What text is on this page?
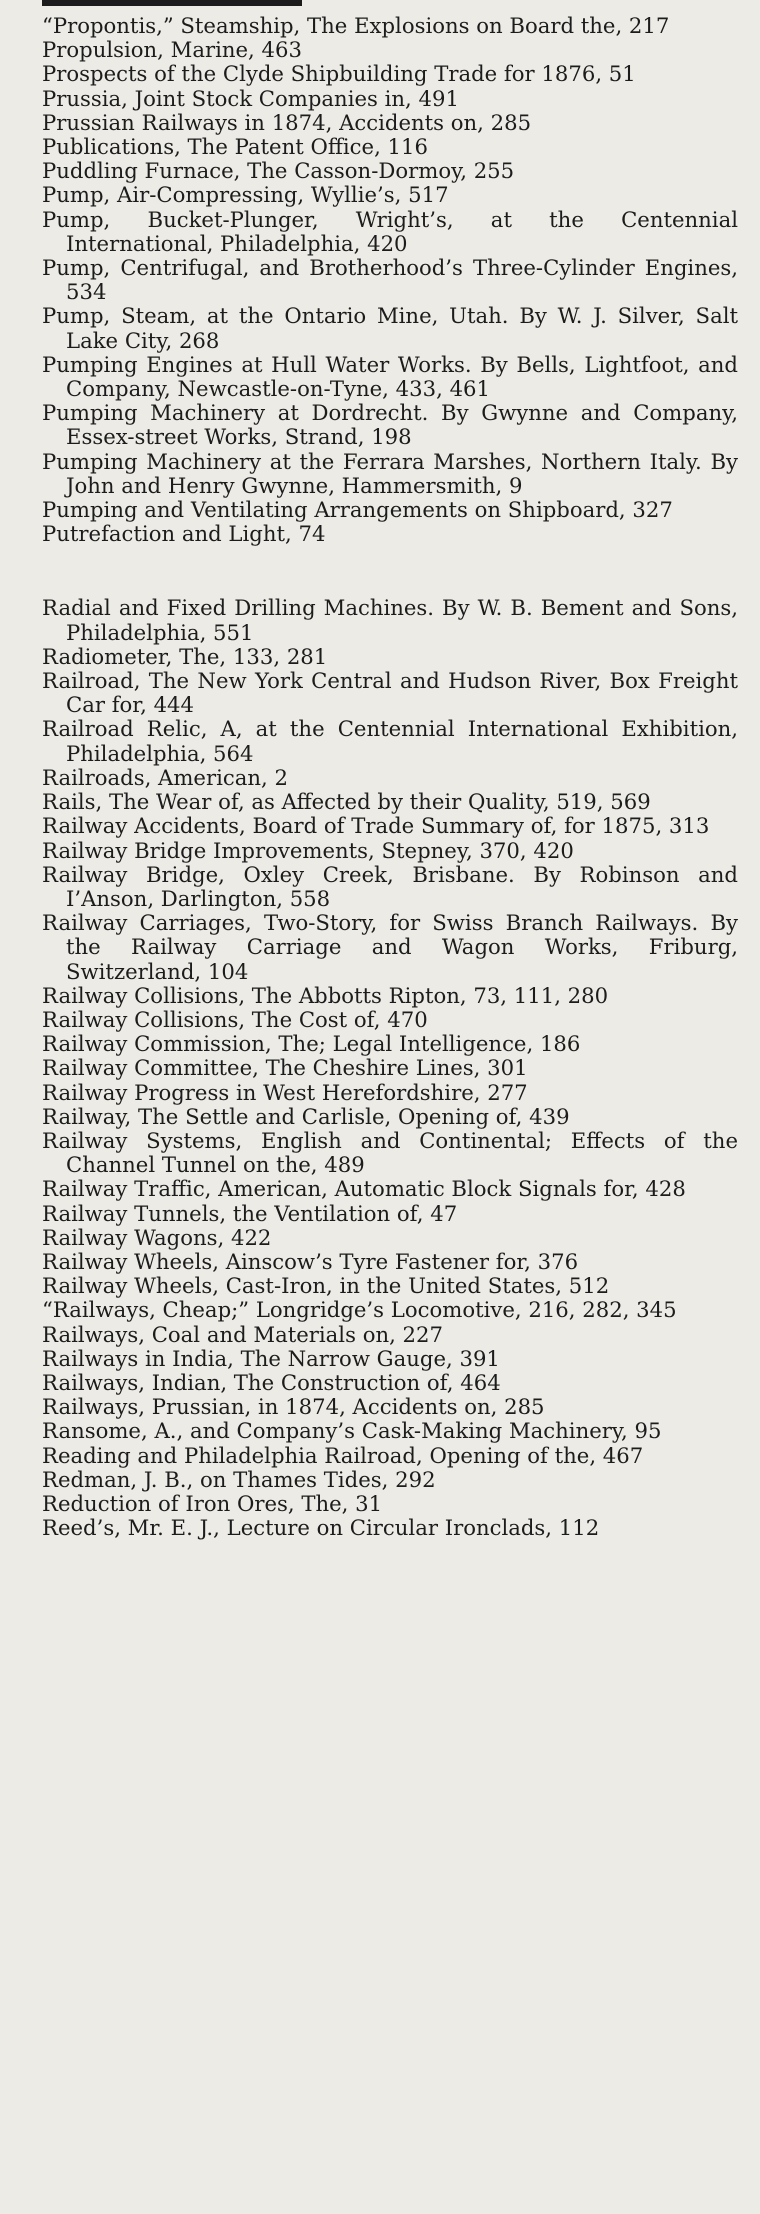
“Propontis,” Steamship, The Explosions on Board the, 217
Propulsion, Marine, 463
Prospects of the Clyde Shipbuilding Trade for 1876, 51
Prussia, Joint Stock Companies in, 491
Prussian Railways in 1874, Accidents on, 285
Publications, The Patent Office, 116
Puddling Furnace, The Casson-Dormoy, 255
Pump, Air-Compressing, Wyllie’s, 517
Pump, Bucket-Plunger, Wright’s, at the Centennial International, Philadelphia, 420
Pump, Centrifugal, and Brotherhood’s Three-Cylinder Engines, 534
Pump, Steam, at the Ontario Mine, Utah. By W. J. Silver, Salt Lake City, 268
Pumping Engines at Hull Water Works. By Bells, Lightfoot, and Company, Newcastle-on-Tyne, 433, 461
Pumping Machinery at Dordrecht. By Gwynne and Company, Essex-street Works, Strand, 198
Pumping Machinery at the Ferrara Marshes, Northern Italy. By John and Henry Gwynne, Hammersmith, 9
Pumping and Ventilating Arrangements on Shipboard, 327
Putrefaction and Light, 74
Radial and Fixed Drilling Machines. By W. B. Bement and Sons, Philadelphia, 551
Radiometer, The, 133, 281
Railroad, The New York Central and Hudson River, Box Freight Car for, 444
Railroad Relic, A, at the Centennial International Exhibition, Philadelphia, 564
Railroads, American, 2
Rails, The Wear of, as Affected by their Quality, 519, 569
Railway Accidents, Board of Trade Summary of, for 1875, 313
Railway Bridge Improvements, Stepney, 370, 420
Railway Bridge, Oxley Creek, Brisbane. By Robinson and I’Anson, Darlington, 558
Railway Carriages, Two-Story, for Swiss Branch Railways. By the Railway Carriage and Wagon Works, Friburg, Switzerland, 104
Railway Collisions, The Abbotts Ripton, 73, 111, 280
Railway Collisions, The Cost of, 470
Railway Commission, The; Legal Intelligence, 186
Railway Committee, The Cheshire Lines, 301
Railway Progress in West Herefordshire, 277
Railway, The Settle and Carlisle, Opening of, 439
Railway Systems, English and Continental; Effects of the Channel Tunnel on the, 489
Railway Traffic, American, Automatic Block Signals for, 428
Railway Tunnels, the Ventilation of, 47
Railway Wagons, 422
Railway Wheels, Ainscow’s Tyre Fastener for, 376
Railway Wheels, Cast-Iron, in the United States, 512
“Railways, Cheap;” Longridge’s Locomotive, 216, 282, 345
Railways, Coal and Materials on, 227
Railways in India, The Narrow Gauge, 391
Railways, Indian, The Construction of, 464
Railways, Prussian, in 1874, Accidents on, 285
Ransome, A., and Company’s Cask-Making Machinery, 95
Reading and Philadelphia Railroad, Opening of the, 467
Redman, J. B., on Thames Tides, 292
Reduction of Iron Ores, The, 31
Reed’s, Mr. E. J., Lecture on Circular Ironclads, 112
